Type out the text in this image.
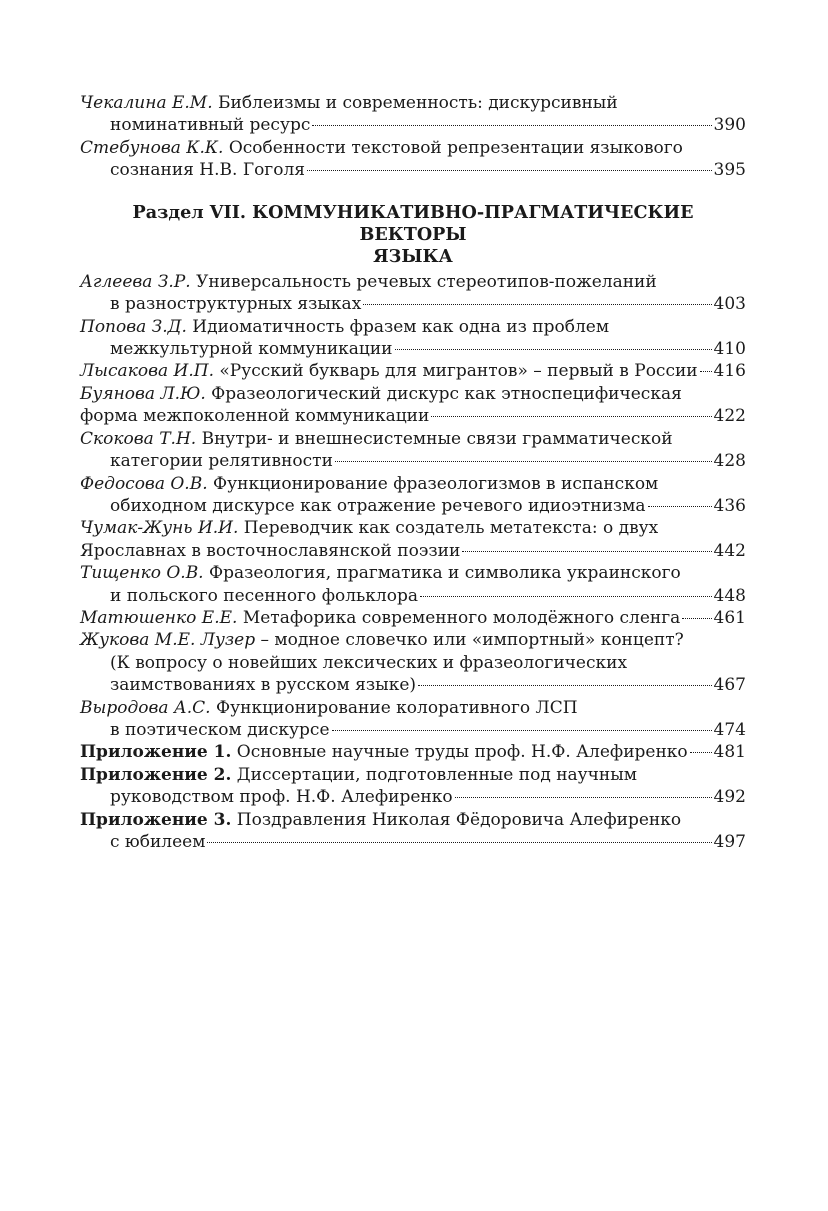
Чекалина Е.М. Библеизмы и современность: дискурсивный
номинативный ресурс	390
Стебунова К.К. Особенности текстовой репрезентации языкового
сознания Н.В. Гоголя	395
Раздел VII. КОММУНИКАТИВНО-ПРАГМАТИЧЕСКИЕ ВЕКТОРЫ
ЯЗЫКА
Аглеева З.Р. Универсальность речевых стереотипов-пожеланий
в разноструктурных языках	403
Попова З.Д. Идиоматичность фразем как одна из проблем
межкультурной коммуникации	410
Лысакова И.П. «Русский букварь для мигрантов» – первый в России 416
Буянова Л.Ю. Фразеологический дискурс как этноспецифическая
форма межпоколенной коммуникации	422
Скокова Т.Н. Внутри- и внешнесистемные связи грамматической
категории релятивности	428
Федосова О.В. Функционирование фразеологизмов в испанском
обиходном дискурсе как отражение речевого идиоэтнизма	436
Чумак-Жунь И.И. Переводчик как создатель метатекста: о двух
Ярославнах в восточнославянской поэзии	442
Тищенко О.В. Фразеология, прагматика и символика украинского
и польского песенного фольклора	448
Матюшенко Е.Е. Метафорика современного молодёжного сленга 461
Жукова М.Е. Лузер – модное словечко или «импортный» концепт?
(К вопросу о новейших лексических и фразеологических
заимствованиях в русском языке)	467
Выродова А.С. Функционирование колоративного ЛСП
в поэтическом дискурсе	474
Приложение 1. Основные научные труды проф. Н.Ф. Алефиренко 481
Приложение 2. Диссертации, подготовленные под научным
руководством проф. Н.Ф. Алефиренко	492
Приложение 3. Поздравления Николая Фёдоровича Алефиренко
с юбилеем	497
